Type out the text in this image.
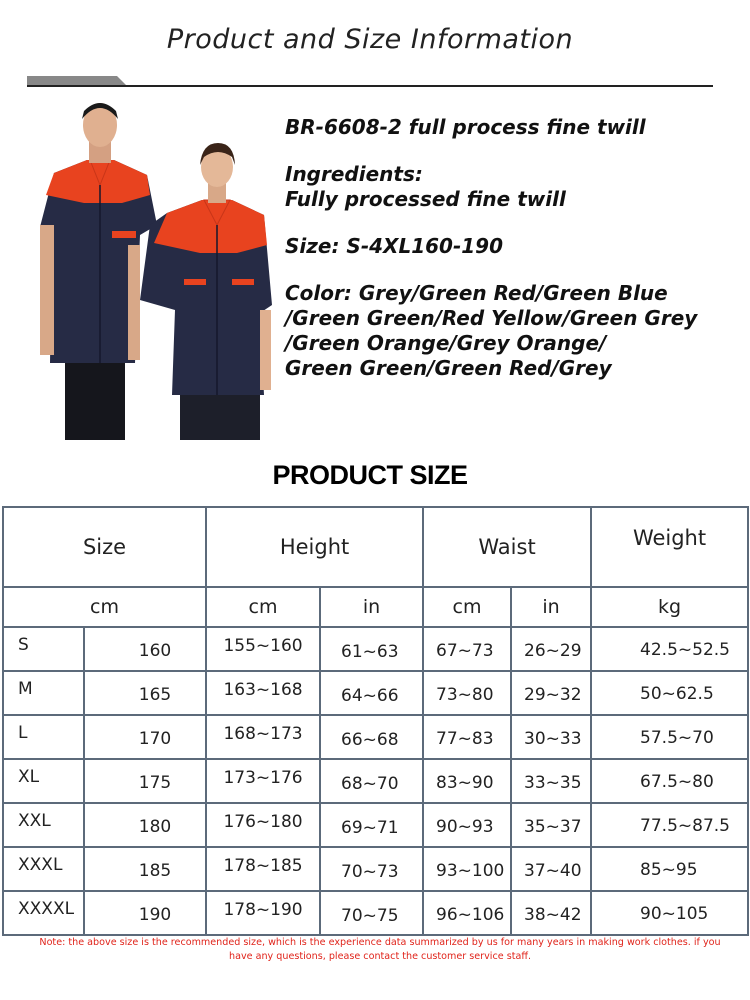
Product and Size Information

BR-6608-2 full process fine twill

Ingredients:
Fully processed fine twill

Size: S-4XL160-190

Color: Grey/Green Red/Green Blue
/Green Green/Red Yellow/Green Grey
/Green Orange/Grey Orange/
Green Green/Green Red/Grey

PRODUCT SIZE
Size		Height		Waist		Weight
cm		cm	in	cm	in	kg
S	160	155~160	61~63	67~73	26~29	42.5~52.5
M	165	163~168	64~66	73~80	29~32	50~62.5
L	170	168~173	66~68	77~83	30~33	57.5~70
XL	175	173~176	68~70	83~90	33~35	67.5~80
XXL	180	176~180	69~71	90~93	35~37	77.5~87.5
XXXL	185	178~185	70~73	93~100	37~40	85~95
XXXXL	190	178~190	70~75	96~106	38~42	90~105
Note: the above size is the recommended size, which is the experience data summarized by us for many years in making work clothes. if you
have any questions, please contact the customer service staff.
